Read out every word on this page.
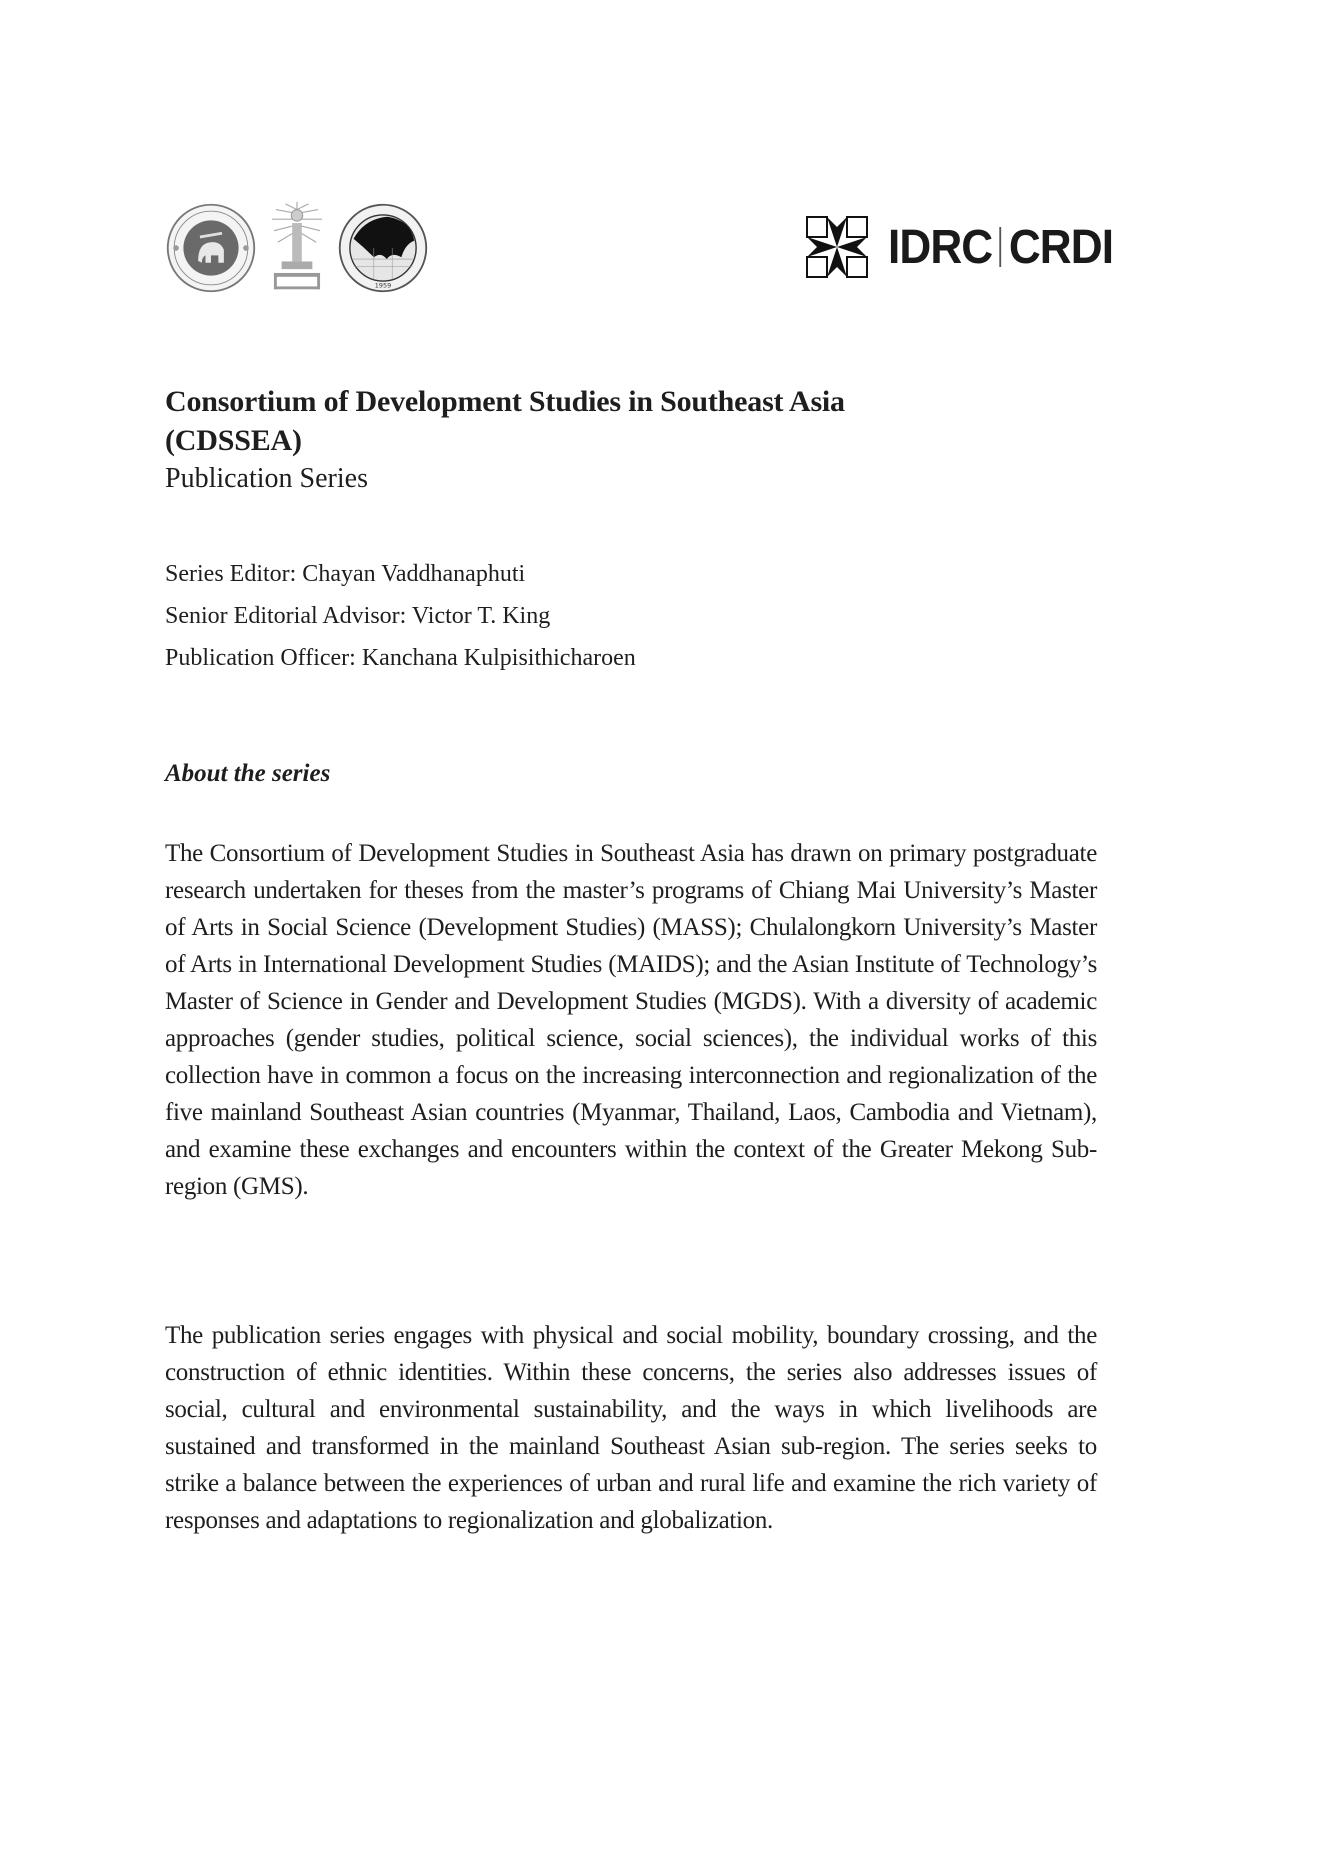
1959
IDRC CRDI

Consortium of Development Studies in Southeast Asia

(CDSSEA)

Publication Series

Series Editor: Chayan Vaddhanaphuti

Senior Editorial Advisor: Victor T. King

Publication Officer: Kanchana Kulpisithicharoen

About the series

The Consortium of Development Studies in Southeast Asia has drawn on primary postgraduate research undertaken for theses from the master’s programs of Chiang Mai University’s Master of Arts in Social Science (Development Studies) (MASS); Chulalongkorn University’s Master of Arts in International Development Studies (MAIDS); and the Asian Institute of Technology’s Master of Science in Gender and Development Studies (MGDS). With a diversity of academic approaches (gender studies, political science, social sciences), the individual works of this collection have in common a focus on the increasing interconnection and regionalization of the five mainland Southeast Asian countries (Myanmar, Thailand, Laos, Cambodia and Vietnam), and examine these exchanges and encounters within the context of the Greater Mekong Sub-region (GMS).

The publication series engages with physical and social mobility, boundary crossing, and the construction of ethnic identities. Within these concerns, the series also addresses issues of social, cultural and environmental sustainability, and the ways in which livelihoods are sustained and transformed in the mainland Southeast Asian sub-region. The series seeks to strike a balance between the experiences of urban and rural life and examine the rich variety of responses and adaptations to regionalization and globalization.
